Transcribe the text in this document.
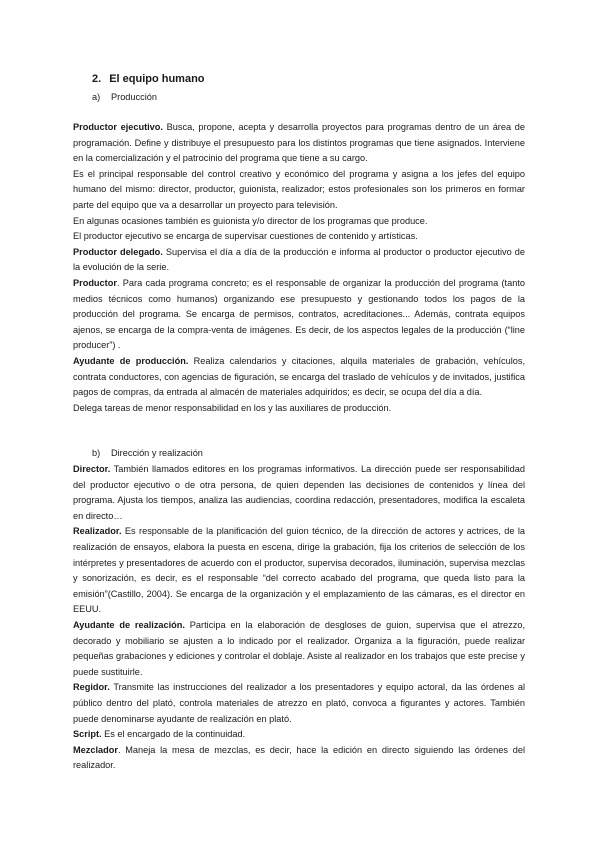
2. El equipo humano
a) Producción

Productor ejecutivo. Busca, propone, acepta y desarrolla proyectos para programas dentro de un área de programación. Define y distribuye el presupuesto para los distintos programas que tiene asignados. Interviene en la comercialización y el patrocinio del programa que tiene a su cargo.

Es el principal responsable del control creativo y económico del programa y asigna a los jefes del equipo humano del mismo: director, productor, guionista, realizador; estos profesionales son los primeros en formar parte del equipo que va a desarrollar un proyecto para televisión.

En algunas ocasiones también es guionista y/o director de los programas que produce.

El productor ejecutivo se encarga de supervisar cuestiones de contenido y artísticas.

Productor delegado. Supervisa el día a día de la producción e informa al productor o productor ejecutivo de la evolución de la serie.

Productor. Para cada programa concreto; es el responsable de organizar la producción del programa (tanto medios técnicos como humanos) organizando ese presupuesto y gestionando todos los pagos de la producción del programa. Se encarga de permisos, contratos, acreditaciones... Además, contrata equipos ajenos, se encarga de la compra-venta de imágenes. Es decir, de los aspectos legales de la producción (“line producer”) .

Ayudante de producción. Realiza calendarios y citaciones, alquila materiales de grabación, vehículos, contrata conductores, con agencias de figuración, se encarga del traslado de vehículos y de invitados, justifica pagos de compras, da entrada al almacén de materiales adquiridos; es decir, se ocupa del día a día.

Delega tareas de menor responsabilidad en los y las auxiliares de producción.

b) Dirección y realización

Director. También llamados editores en los programas informativos. La dirección puede ser responsabilidad del productor ejecutivo o de otra persona, de quien dependen las decisiones de contenidos y línea del programa. Ajusta los tiempos, analiza las audiencias, coordina redacción, presentadores, modifica la escaleta en directo…

Realizador. Es responsable de la planificación del guion técnico, de la dirección de actores y actrices, de la realización de ensayos, elabora la puesta en escena, dirige la grabación, fija los criterios de selección de los intérpretes y presentadores de acuerdo con el productor, supervisa decorados, iluminación, supervisa mezclas y sonorización, es decir, es el responsable “del correcto acabado del programa, que queda listo para la emisión”(Castillo, 2004). Se encarga de la organización y el emplazamiento de las cámaras, es el director en EEUU.

Ayudante de realización. Participa en la elaboración de desgloses de guion, supervisa que el atrezzo, decorado y mobiliario se ajusten a lo indicado por el realizador. Organiza a la figuración, puede realizar pequeñas grabaciones y ediciones y controlar el doblaje. Asiste al realizador en los trabajos que este precise y puede sustituirle.

Regidor. Transmite las instrucciones del realizador a los presentadores y equipo actoral, da las órdenes al público dentro del plató, controla materiales de atrezzo en plató, convoca a figurantes y actores. También puede denominarse ayudante de realización en plató.

Script. Es el encargado de la continuidad.

Mezclador. Maneja la mesa de mezclas, es decir, hace la edición en directo siguiendo las órdenes del realizador.
